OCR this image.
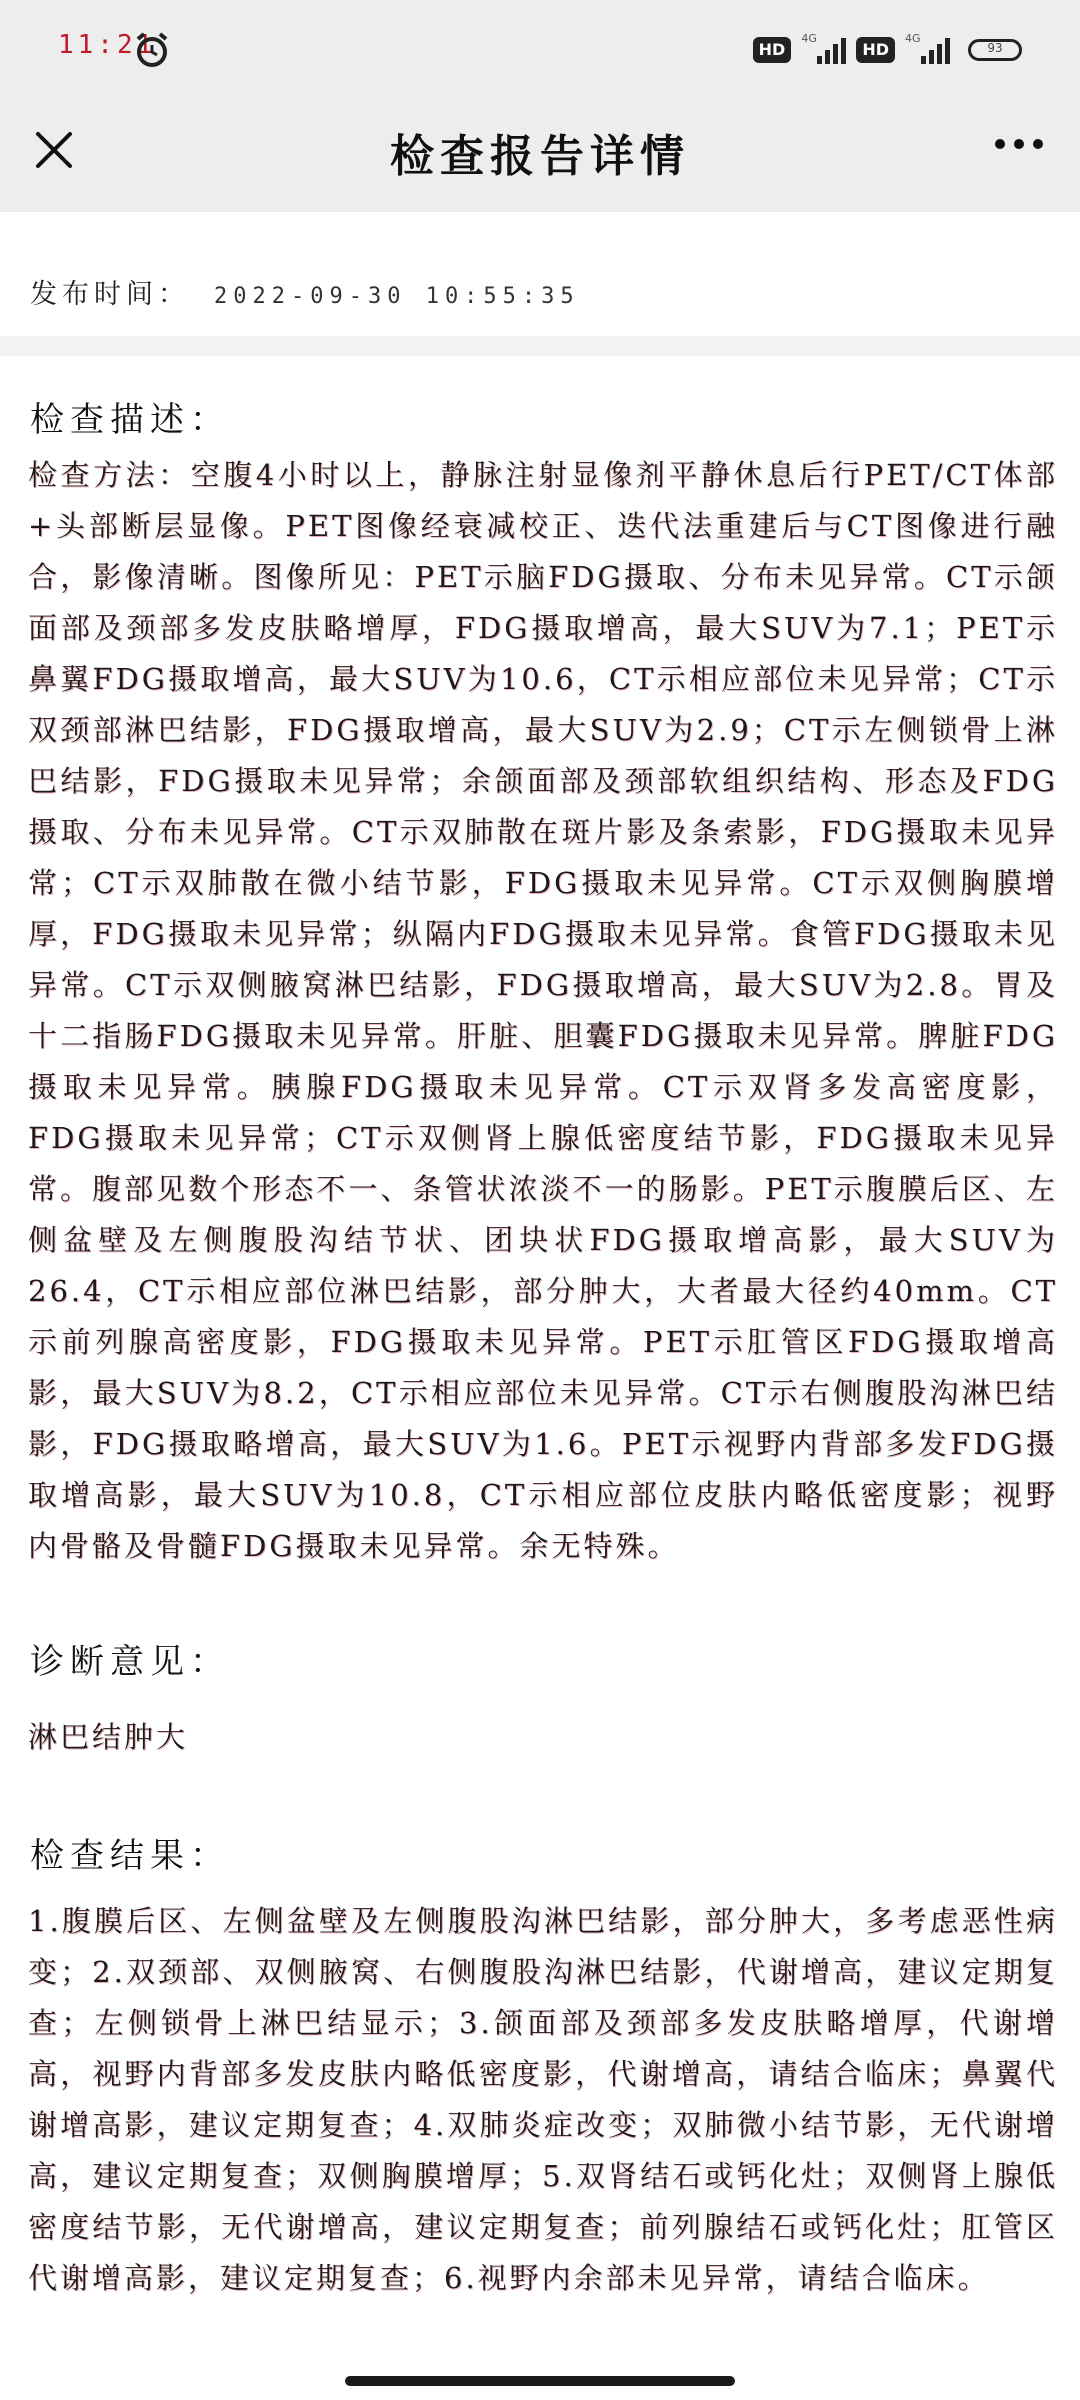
11:21	HD
4G
HD
4G
93
检查报告详情
发布时间： 2022-09-30 10:55:35
检查描述：
检查方法：空腹4小时以上，静脉注射显像剂平静休息后行PET/CT体部+头部断层显像。PET图像经衰减校正、迭代法重建后与CT图像进行融合，影像清晰。图像所见：PET示脑FDG摄取、分布未见异常。CT示颌面部及颈部多发皮肤略增厚，FDG摄取增高，最大SUV为7.1；PET示鼻翼FDG摄取增高，最大SUV为10.6，CT示相应部位未见异常；CT示双颈部淋巴结影，FDG摄取增高，最大SUV为2.9；CT示左侧锁骨上淋巴结影，FDG摄取未见异常；余颌面部及颈部软组织结构、形态及FDG摄取、分布未见异常。CT示双肺散在斑片影及条索影，FDG摄取未见异常；CT示双肺散在微小结节影，FDG摄取未见异常。CT示双侧胸膜增厚，FDG摄取未见异常；纵隔内FDG摄取未见异常。食管FDG摄取未见异常。CT示双侧腋窝淋巴结影，FDG摄取增高，最大SUV为2.8。胃及十二指肠FDG摄取未见异常。肝脏、胆囊FDG摄取未见异常。脾脏FDG摄取未见异常。胰腺FDG摄取未见异常。CT示双肾多发高密度影，FDG摄取未见异常；CT示双侧肾上腺低密度结节影，FDG摄取未见异常。腹部见数个形态不一、条管状浓淡不一的肠影。PET示腹膜后区、左侧盆壁及左侧腹股沟结节状、团块状FDG摄取增高影，最大SUV为26.4，CT示相应部位淋巴结影，部分肿大，大者最大径约40mm。CT示前列腺高密度影，FDG摄取未见异常。PET示肛管区FDG摄取增高影，最大SUV为8.2，CT示相应部位未见异常。CT示右侧腹股沟淋巴结影，FDG摄取略增高，最大SUV为1.6。PET示视野内背部多发FDG摄取增高影，最大SUV为10.8，CT示相应部位皮肤内略低密度影；视野内骨骼及骨髓FDG摄取未见异常。余无特殊。
诊断意见：
淋巴结肿大
检查结果：
1.腹膜后区、左侧盆壁及左侧腹股沟淋巴结影，部分肿大，多考虑恶性病变；2.双颈部、双侧腋窝、右侧腹股沟淋巴结影，代谢增高，建议定期复查；左侧锁骨上淋巴结显示；3.颌面部及颈部多发皮肤略增厚，代谢增高，视野内背部多发皮肤内略低密度影，代谢增高，请结合临床；鼻翼代谢增高影，建议定期复查；4.双肺炎症改变；双肺微小结节影，无代谢增高，建议定期复查；双侧胸膜增厚；5.双肾结石或钙化灶；双侧肾上腺低密度结节影，无代谢增高，建议定期复查；前列腺结石或钙化灶；肛管区代谢增高影，建议定期复查；6.视野内余部未见异常，请结合临床。
